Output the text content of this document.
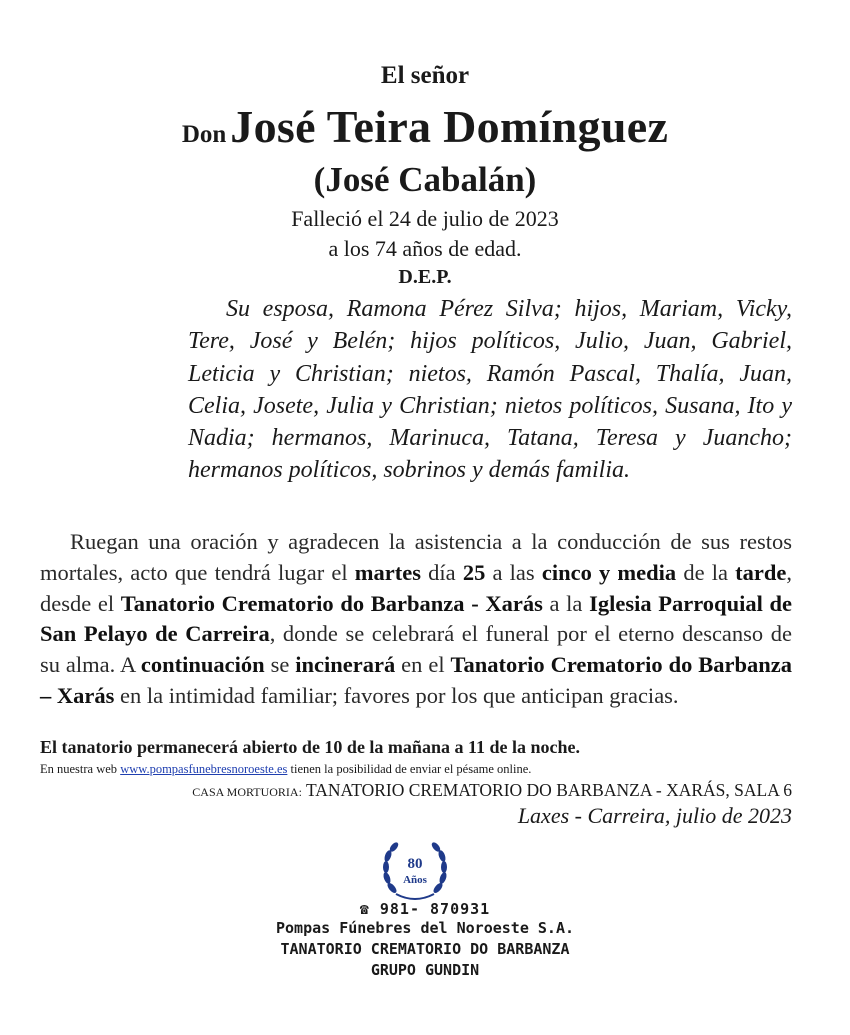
El señor
Don José Teira Domínguez
(José Cabalán)
Falleció el 24 de julio de 2023
a los 74 años de edad.
D.E.P.
Su esposa, Ramona Pérez Silva; hijos, Mariam, Vicky, Tere, José y Belén; hijos políticos, Julio, Juan, Gabriel, Leticia y Christian; nietos, Ramón Pascal, Thalía, Juan, Celia, Josete, Julia y Christian; nietos políticos, Susana, Ito y Nadia; hermanos, Marinuca, Tatana, Teresa y Juancho; hermanos políticos, sobrinos y demás familia.
Ruegan una oración y agradecen la asistencia a la conducción de sus restos mortales, acto que tendrá lugar el martes día 25 a las cinco y media de la tarde, desde el Tanatorio Crematorio do Barbanza - Xarás a la Iglesia Parroquial de San Pelayo de Carreira, donde se celebrará el funeral por el eterno descanso de su alma. A continuación se incinerará en el Tanatorio Crematorio do Barbanza – Xarás en la intimidad familiar; favores por los que anticipan gracias.
El tanatorio permanecerá abierto de 10 de la mañana a 11 de la noche.
En nuestra web www.pompasfunebresnoroeste.es tienen la posibilidad de enviar el pésame online.
CASA MORTUORIA: TANATORIO CREMATORIO DO BARBANZA - XARÁS, SALA 6
Laxes - Carreira, julio de 2023
80
Años
☎ 981- 870931
Pompas Fúnebres del Noroeste S.A.
TANATORIO CREMATORIO DO BARBANZA
GRUPO GUNDIN
